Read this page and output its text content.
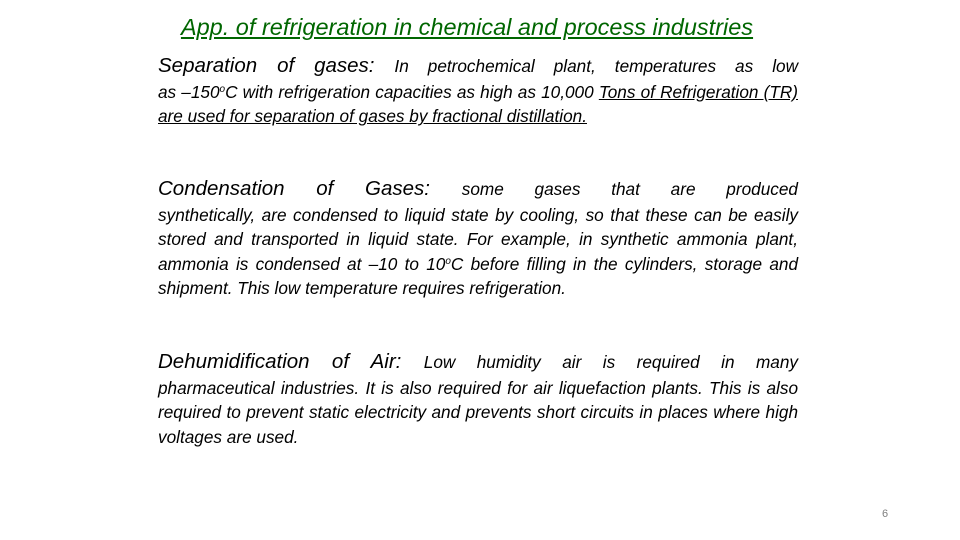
App. of refrigeration in chemical and process industries
Separation of gases: In petrochemical plant, temperatures as low
as –150$^o$C with refrigeration capacities as high as 10,000 Tons of Refrigeration (TR) are used for separation of gases by fractional distillation.
Condensation of Gases: some gases that are produced
synthetically, are condensed to liquid state by cooling, so that these can be easily stored and transported in liquid state. For example, in synthetic ammonia plant, ammonia is condensed at –10 to 10$^o$C before filling in the cylinders, storage and shipment. This low temperature requires refrigeration.
Dehumidification of Air: Low humidity air is required in many
pharmaceutical industries. It is also required for air liquefaction plants. This is also required to prevent static electricity and prevents short circuits in places where high voltages are used.
6
